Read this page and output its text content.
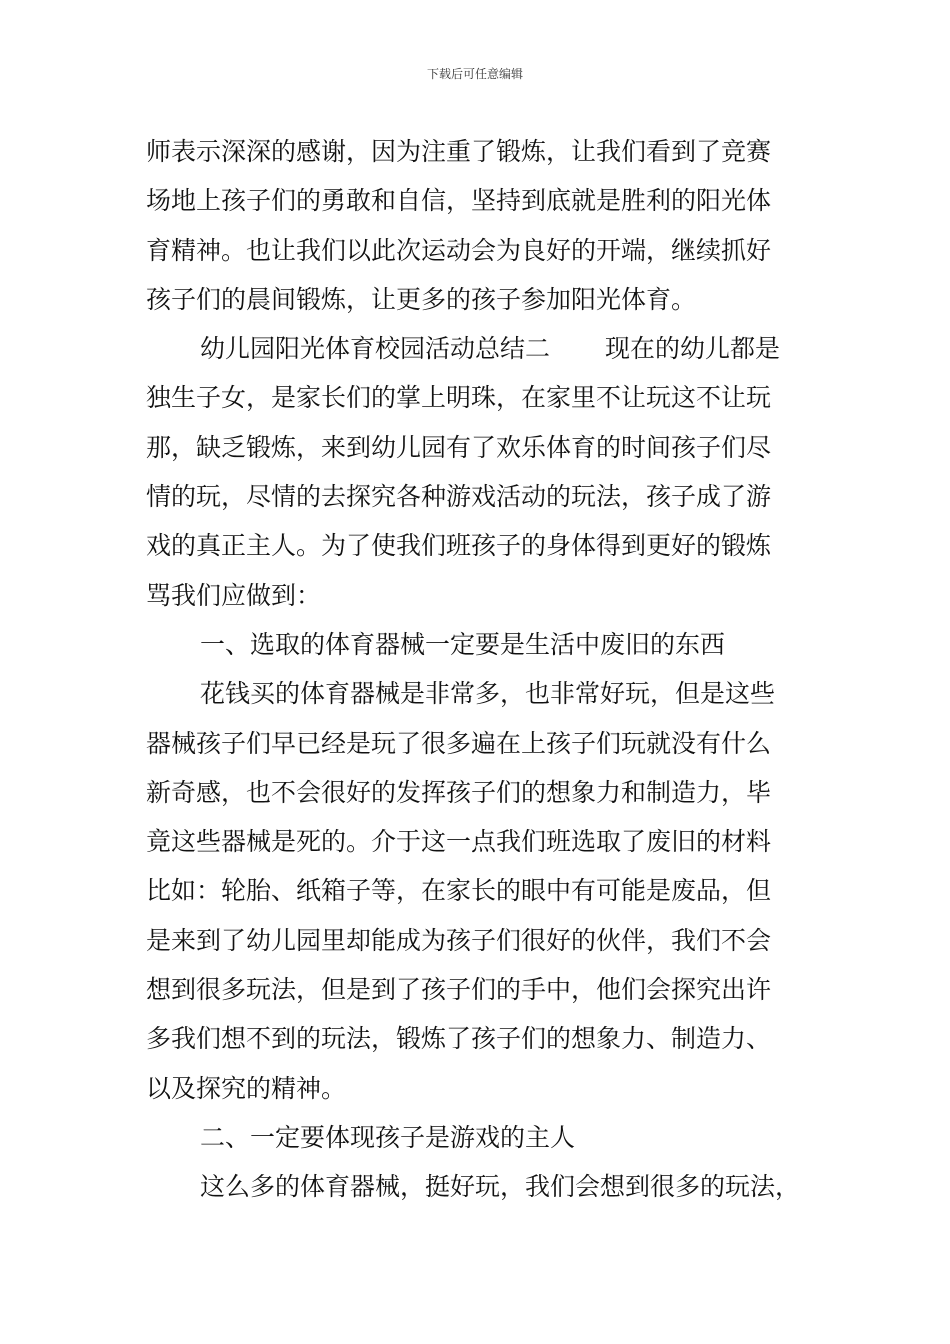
下载后可任意编辑
师表示深深的感谢，因为注重了锻炼，让我们看到了竞赛
场地上孩子们的勇敢和自信，坚持到底就是胜利的阳光体
育精神。也让我们以此次运动会为良好的开端，继续抓好
孩子们的晨间锻炼，让更多的孩子参加阳光体育。
幼儿园阳光体育校园活动总结二 现在的幼儿都是
独生子女，是家长们的掌上明珠，在家里不让玩这不让玩
那，缺乏锻炼，来到幼儿园有了欢乐体育的时间孩子们尽
情的玩，尽情的去探究各种游戏活动的玩法，孩子成了游
戏的真正主人。为了使我们班孩子的身体得到更好的锻炼
骂我们应做到：
一、选取的体育器械一定要是生活中废旧的东西
花钱买的体育器械是非常多，也非常好玩，但是这些
器械孩子们早已经是玩了很多遍在上孩子们玩就没有什么
新奇感，也不会很好的发挥孩子们的想象力和制造力，毕
竟这些器械是死的。介于这一点我们班选取了废旧的材料
比如：轮胎、纸箱子等，在家长的眼中有可能是废品，但
是来到了幼儿园里却能成为孩子们很好的伙伴，我们不会
想到很多玩法，但是到了孩子们的手中，他们会探究出许
多我们想不到的玩法，锻炼了孩子们的想象力、制造力、
以及探究的精神。
二、一定要体现孩子是游戏的主人
这么多的体育器械，挺好玩，我们会想到很多的玩法，
